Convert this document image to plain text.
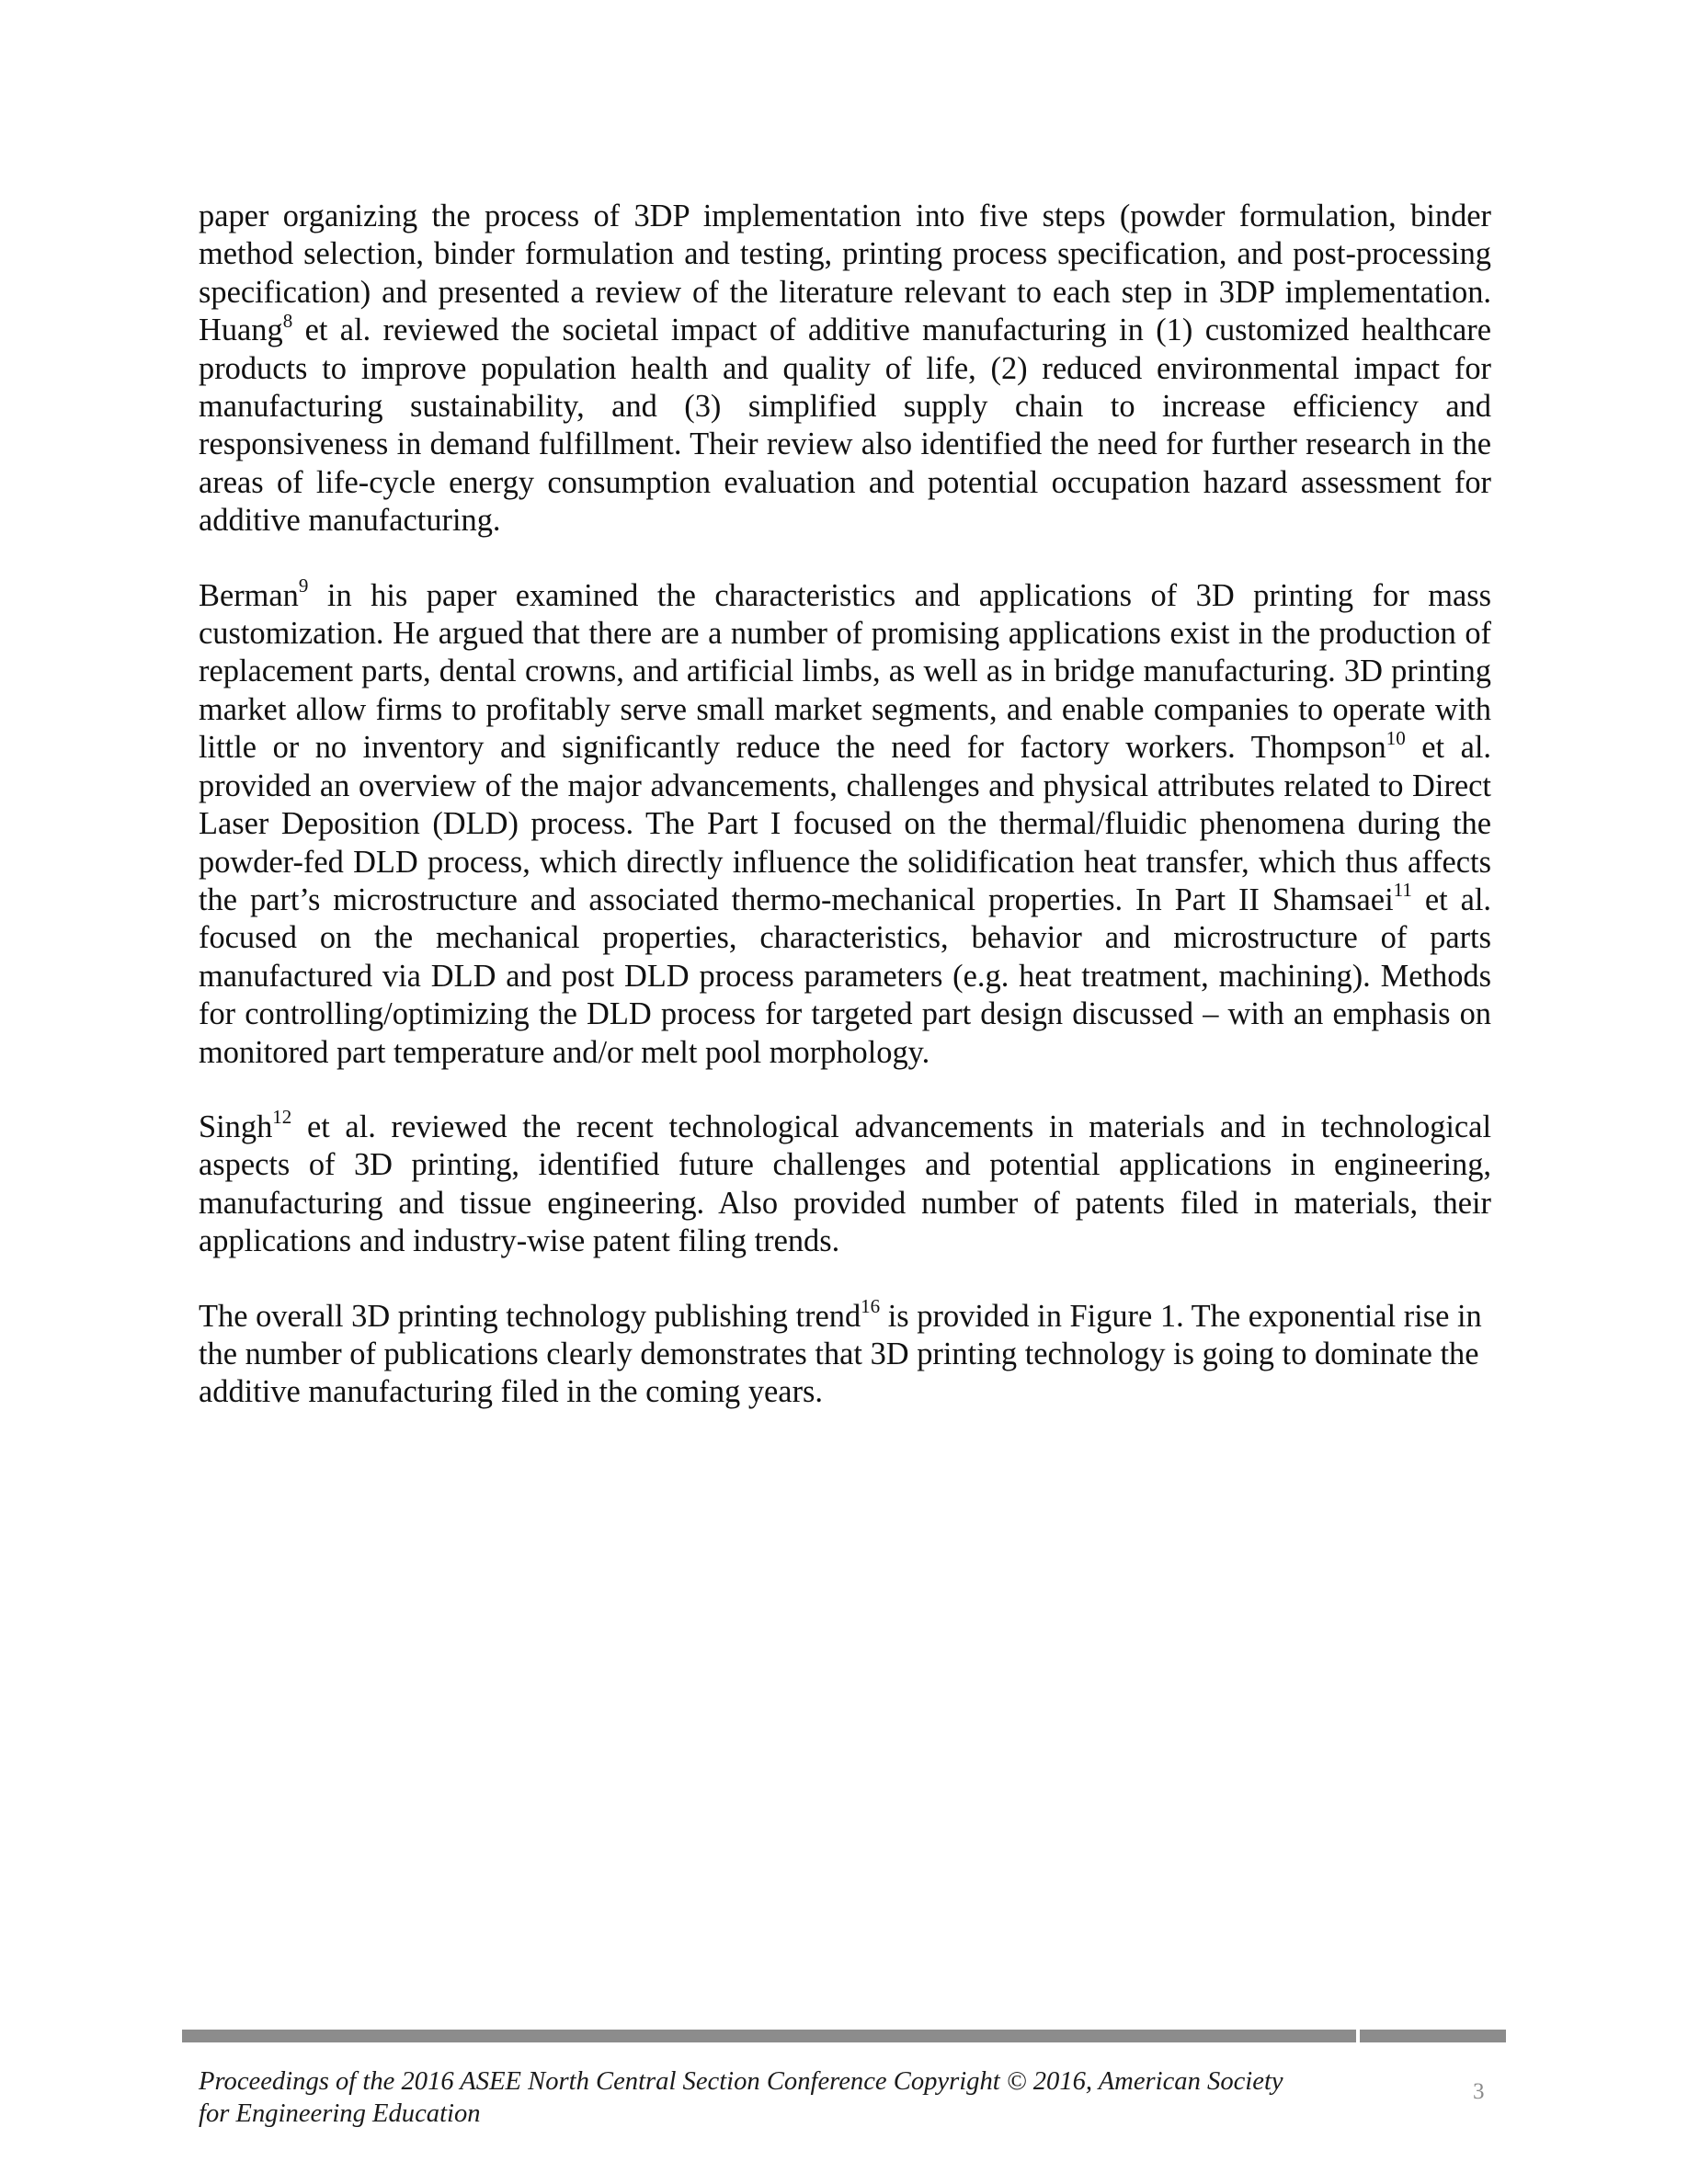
paper organizing the process of 3DP implementation into five steps (powder formulation, binder method selection, binder formulation and testing, printing process specification, and post-processing specification) and presented a review of the literature relevant to each step in 3DP implementation. Huang$^8$ et al. reviewed the societal impact of additive manufacturing in (1) customized healthcare products to improve population health and quality of life, (2) reduced environmental impact for manufacturing sustainability, and (3) simplified supply chain to increase efficiency and responsiveness in demand fulfillment. Their review also identified the need for further research in the areas of life-cycle energy consumption evaluation and potential occupation hazard assessment for additive manufacturing.

Berman$^9$ in his paper examined the characteristics and applications of 3D printing for mass customization. He argued that there are a number of promising applications exist in the production of replacement parts, dental crowns, and artificial limbs, as well as in bridge manufacturing. 3D printing market allow firms to profitably serve small market segments, and enable companies to operate with little or no inventory and significantly reduce the need for factory workers. Thompson$^{10}$ et al. provided an overview of the major advancements, challenges and physical attributes related to Direct Laser Deposition (DLD) process. The Part I focused on the thermal/fluidic phenomena during the powder-fed DLD process, which directly influence the solidification heat transfer, which thus affects the part’s microstructure and associated thermo-mechanical properties. In Part II Shamsaei$^{11}$ et al. focused on the mechanical properties, characteristics, behavior and microstructure of parts manufactured via DLD and post DLD process parameters (e.g. heat treatment, machining). Methods for controlling/optimizing the DLD process for targeted part design discussed – with an emphasis on monitored part temperature and/or melt pool morphology.

Singh$^{12}$ et al. reviewed the recent technological advancements in materials and in technological aspects of 3D printing, identified future challenges and potential applications in engineering, manufacturing and tissue engineering. Also provided number of patents filed in materials, their applications and industry-wise patent filing trends.

The overall 3D printing technology publishing trend$^{16}$ is provided in Figure 1. The exponential rise in the number of publications clearly demonstrates that 3D printing technology is going to dominate the additive manufacturing filed in the coming years.

Proceedings of the 2016 ASEE North Central Section Conference Copyright © 2016, American Society
for Engineering Education
3
